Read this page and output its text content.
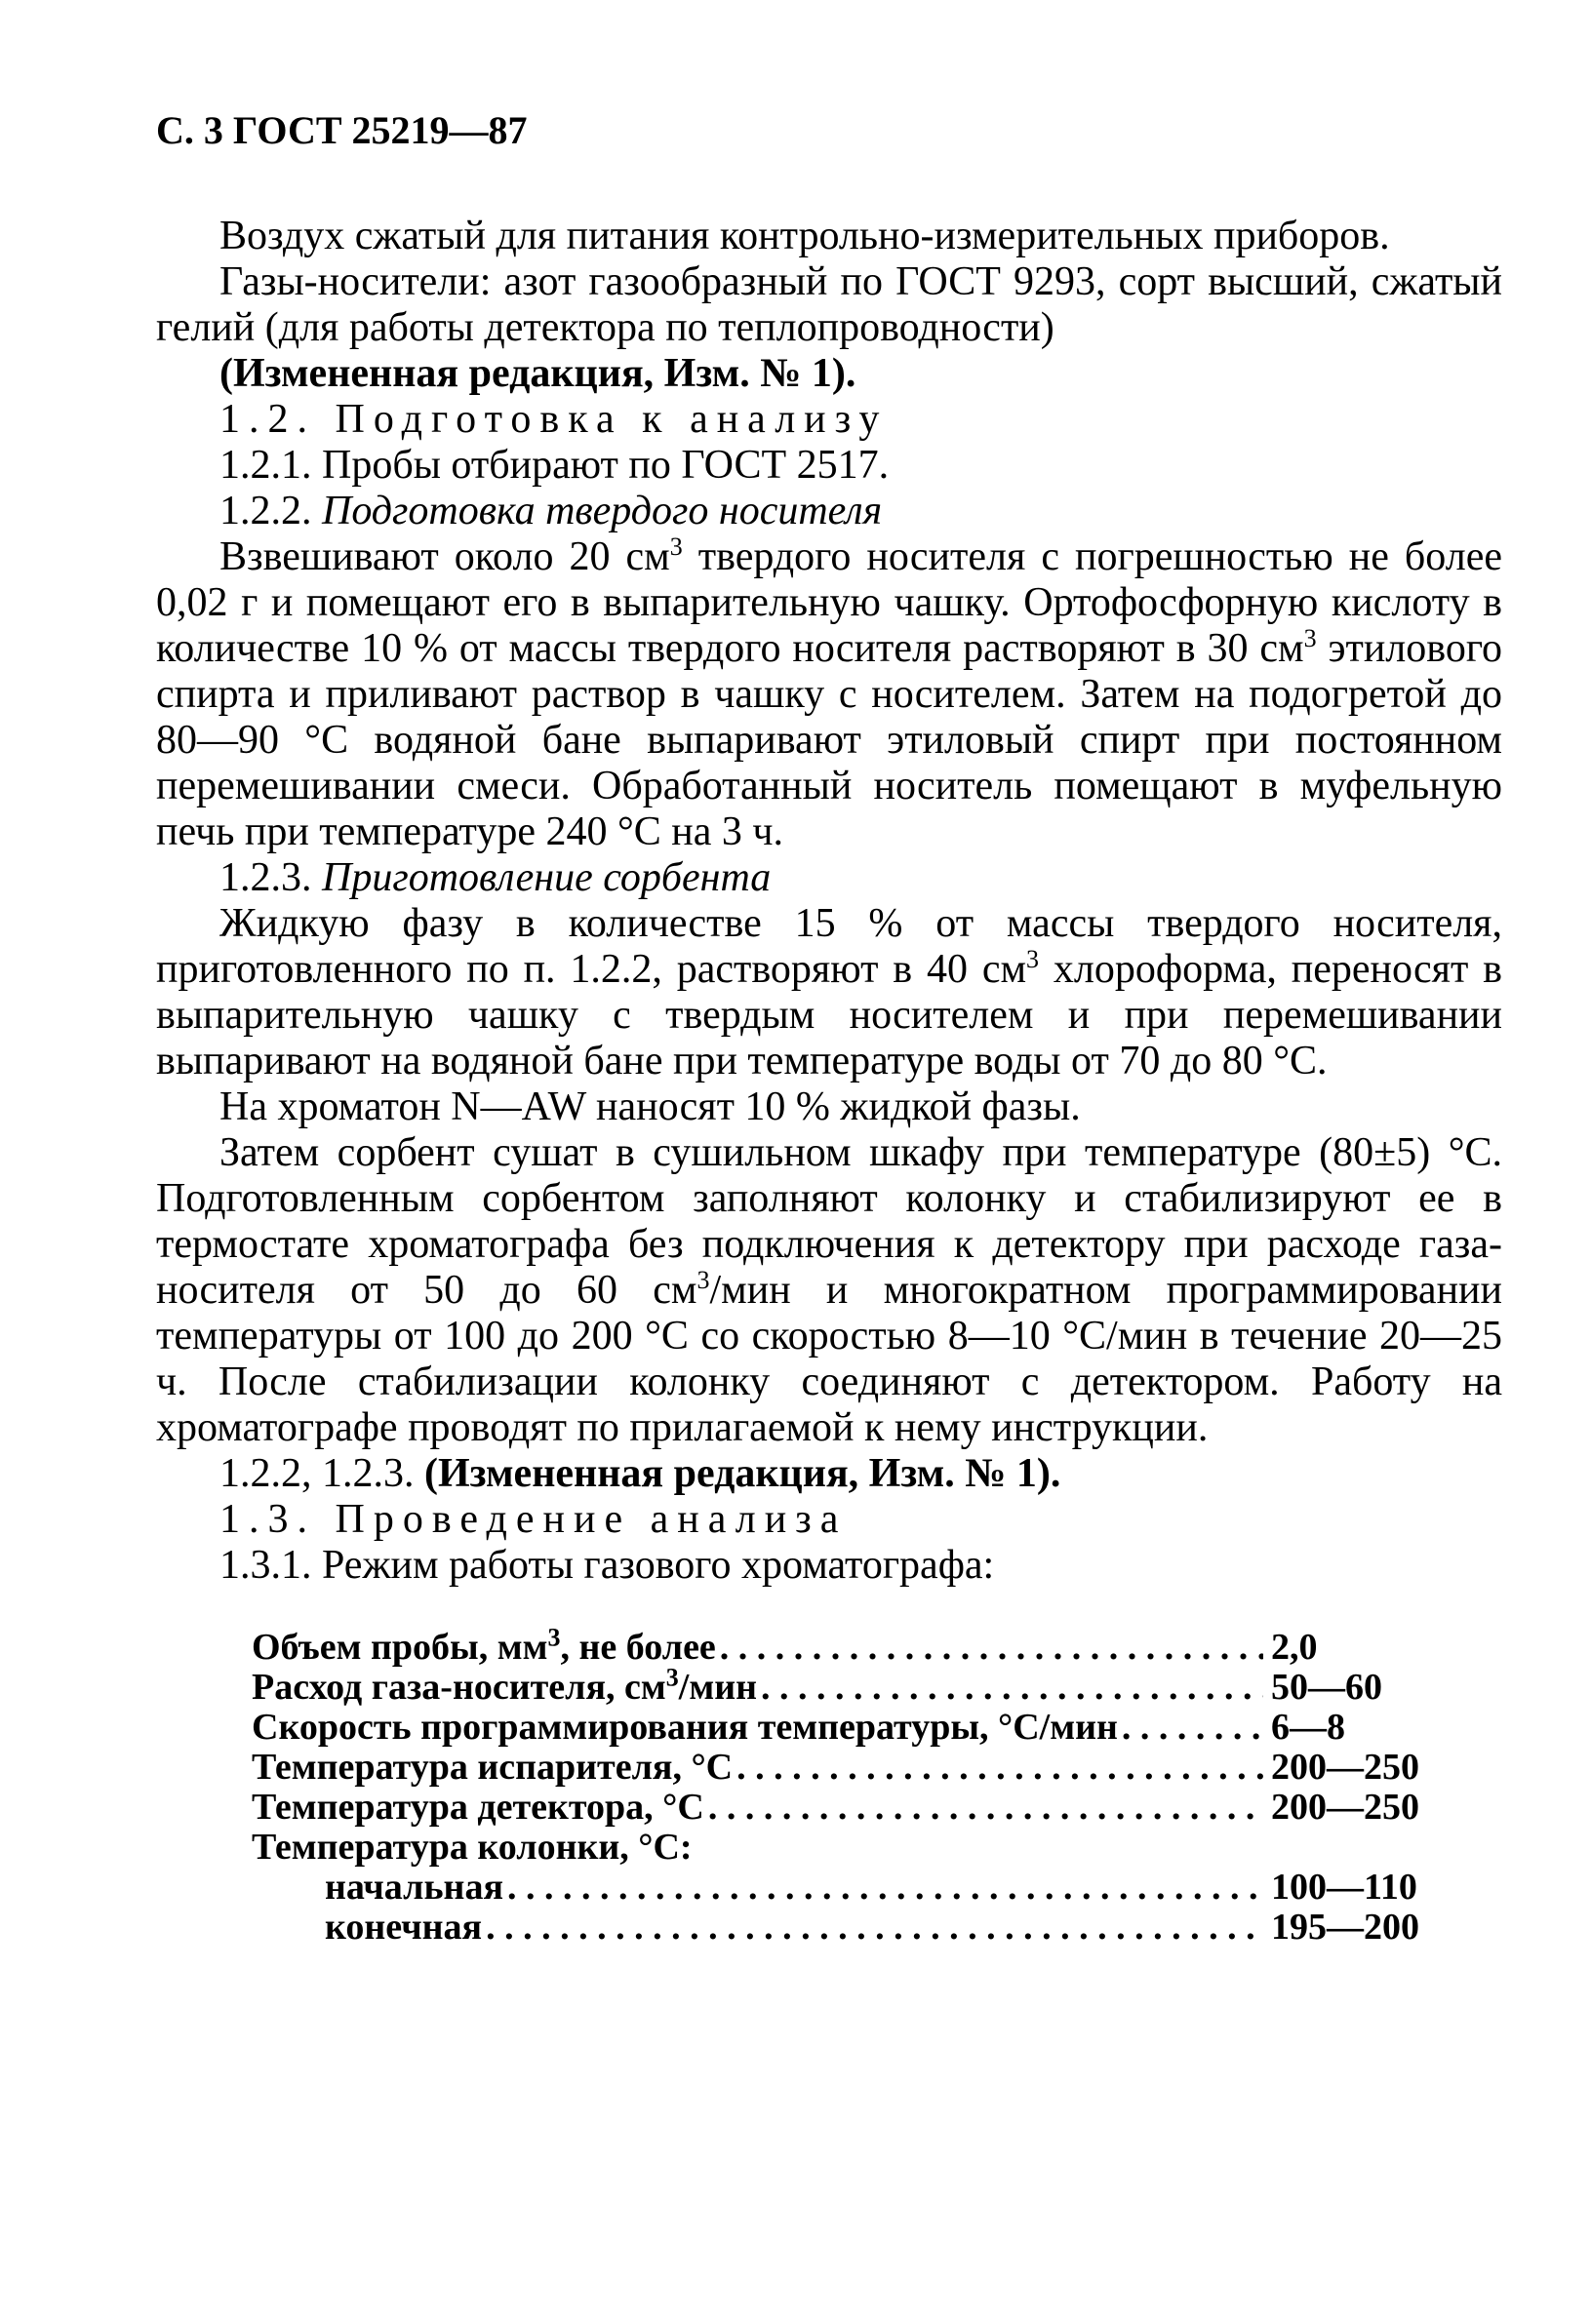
С. 3 ГОСТ 25219—87

Воздух сжатый для питания контрольно-измерительных приборов.

Газы-носители: азот газообразный по ГОСТ 9293, сорт высший, сжатый гелий (для работы детектора по теплопроводности)

(Измененная редакция, Изм. № 1).

1.2. Подготовка к анализу

1.2.1. Пробы отбирают по ГОСТ 2517.

1.2.2. Подготовка твердого носителя

Взвешивают около 20 $см^3$ твердого носителя с погрешностью не более 0,02 г и помещают его в выпарительную чашку. Ортофосфорную кислоту в количестве 10 % от массы твердого носителя растворяют в 30 $см^3$ этилового спирта и приливают раствор в чашку с носителем. Затем на подогретой до 80—90 °С водяной бане выпаривают этиловый спирт при постоянном перемешивании смеси. Обработанный носитель помещают в муфельную печь при температуре 240 °С на 3 ч.

1.2.3. Приготовление сорбента

Жидкую фазу в количестве 15 % от массы твердого носителя, приготовленного по п. 1.2.2, растворяют в 40 $см^3$ хлороформа, переносят в выпарительную чашку с твердым носителем и при перемешивании выпаривают на водяной бане при температуре воды от 70 до 80 °С.

На хроматон N—AW наносят 10 % жидкой фазы.

Затем сорбент сушат в сушильном шкафу при температуре (80±5) °С. Подготовленным сорбентом заполняют колонку и стабилизируют ее в термостате хроматографа без подключения к детектору при расходе газа-носителя от 50 до 60 $см^3$/мин и многократном программировании температуры от 100 до 200 °С со скоростью 8—10 °С/мин в течение 20—25 ч. После стабилизации колонку соединяют с детектором. Работу на хроматографе проводят по прилагаемой к нему инструкции.

1.2.2, 1.2.3. (Измененная редакция, Изм. № 1).

1.3. Проведение анализа

1.3.1. Режим работы газового хроматографа:

Объем пробы, $мм^3$, не более . . .	2,0
Расход газа-носителя, $см^3$/мин . . .	50—60
Скорость программирования температуры, °С/мин . . .	6—8
Температура испарителя, °С . . .	200—250
Температура детектора, °С . . .	200—250
Температура колонки, °С:
начальная . . .	100—110
конечная . . .	195—200
